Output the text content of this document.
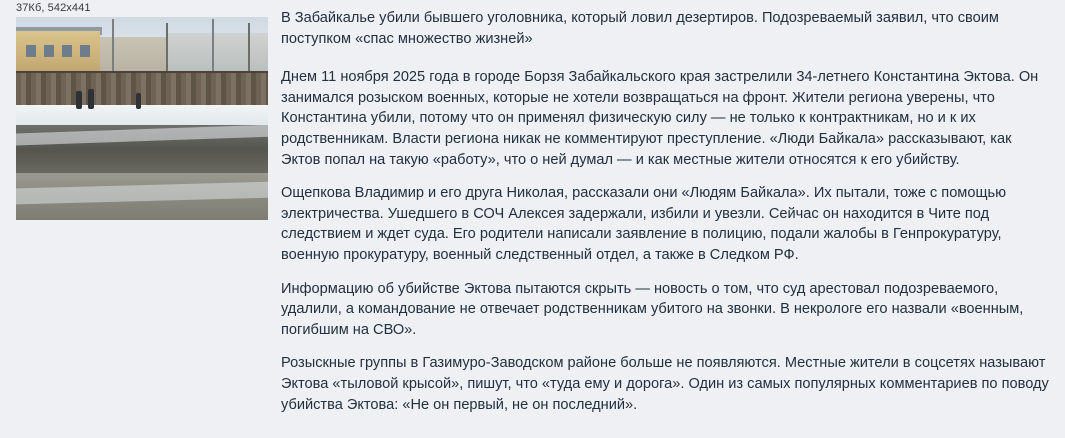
37Кб, 542x441

В Забайкалье убили бывшего уголовника, который ловил дезертиров. Подозреваемый заявил, что своим поступком «спас множество жизней»

Днем 11 ноября 2025 года в городе Борзя Забайкальского края застрелили 34-летнего Константина Эктова. Он занимался розыском военных, которые не хотели возвращаться на фронт. Жители региона уверены, что Константина убили, потому что он применял физическую силу — не только к контрактникам, но и к их родственникам. Власти региона никак не комментируют преступление. «Люди Байкала» рассказывают, как Эктов попал на такую «работу», что о ней думал — и как местные жители относятся к его убийству.

Ощепкова Владимир и его друга Николая, рассказали они «Людям Байкала». Их пытали, тоже с помощью электричества. Ушедшего в СОЧ Алексея задержали, избили и увезли. Сейчас он находится в Чите под следствием и ждет суда. Его родители написали заявление в полицию, подали жалобы в Генпрокуратуру, военную прокуратуру, военный следственный отдел, а также в Следком РФ.

Информацию об убийстве Эктова пытаются скрыть — новость о том, что суд арестовал подозреваемого, удалили, а командование не отвечает родственникам убитого на звонки. В некрологе его назвали «военным, погибшим на СВО».

Розыскные группы в Газимуро-Заводском районе больше не появляются. Местные жители в соцсетях называют Эктова «тыловой крысой», пишут, что «туда ему и дорога». Один из самых популярных комментариев по поводу убийства Эктова: «Не он первый, не он последний».
